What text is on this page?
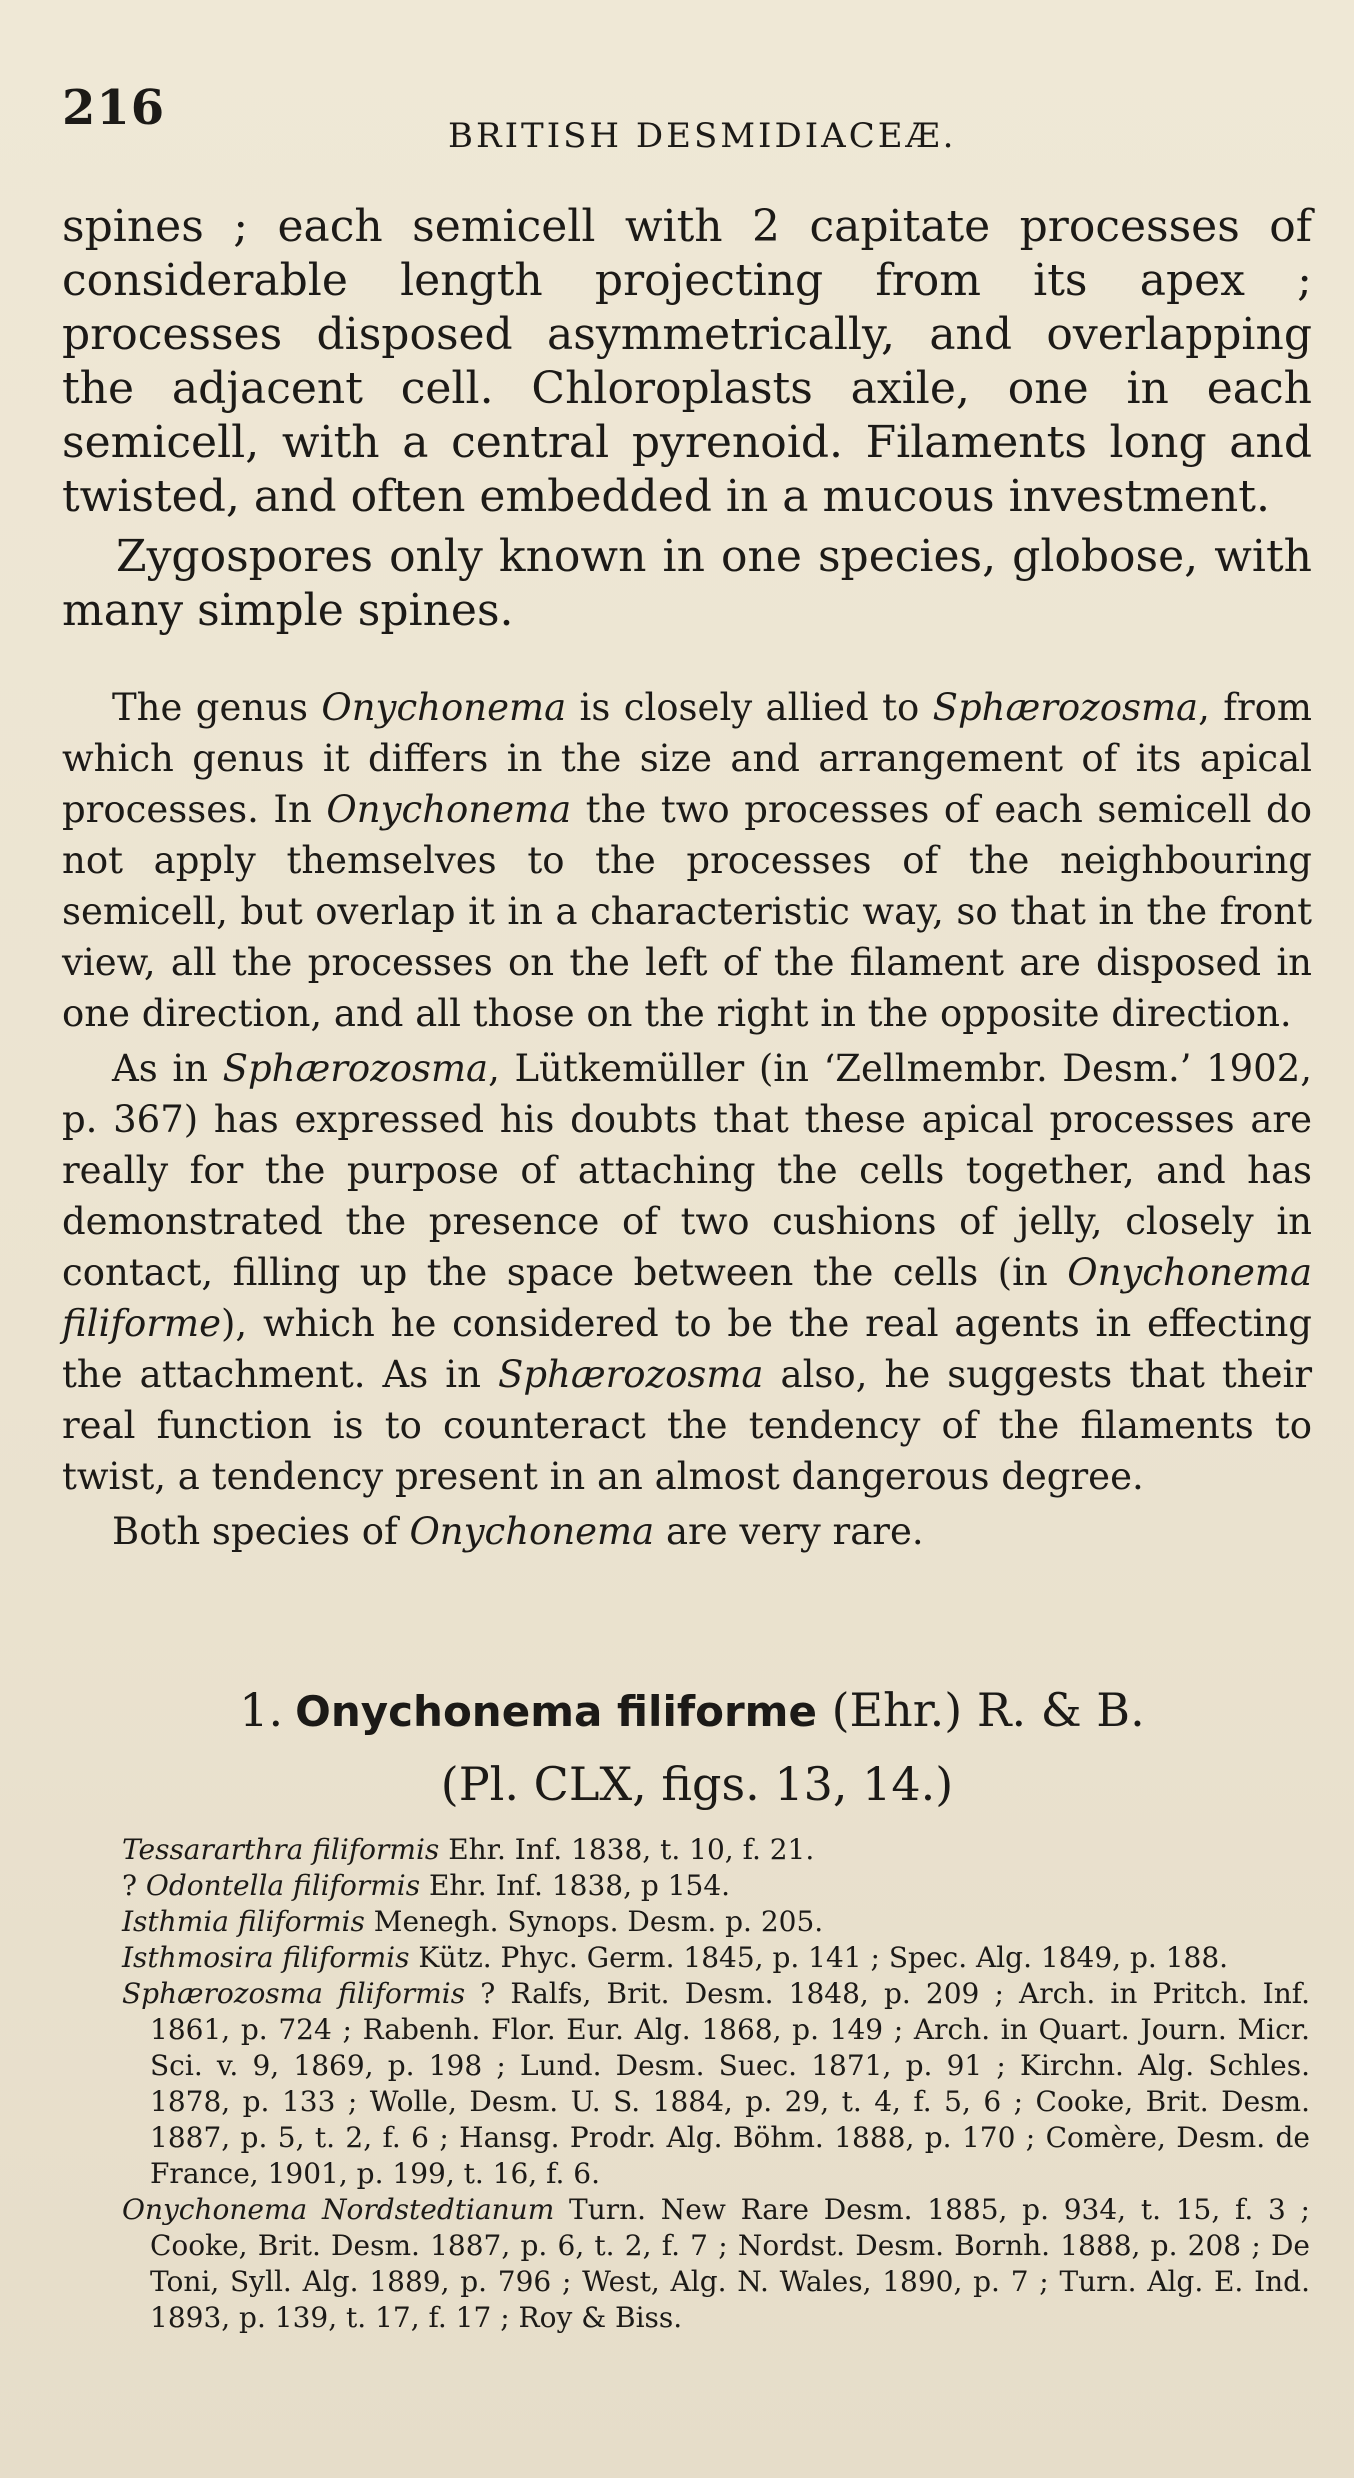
216	BRITISH DESMIDIACEÆ.

spines ; each semicell with 2 capitate processes of considerable length projecting from its apex ; processes disposed asymmetrically, and overlapping the adjacent cell. Chloroplasts axile, one in each semicell, with a central pyrenoid. Filaments long and twisted, and often embedded in a mucous investment.

Zygospores only known in one species, globose, with many simple spines.

The genus Onychonema is closely allied to Sphærozosma, from which genus it differs in the size and arrangement of its apical processes. In Onychonema the two processes of each semicell do not apply themselves to the processes of the neighbouring semicell, but overlap it in a characteristic way, so that in the front view, all the processes on the left of the filament are disposed in one direction, and all those on the right in the opposite direction.

As in Sphærozosma, Lütkemüller (in ‘Zellmembr. Desm.’ 1902, p. 367) has expressed his doubts that these apical processes are really for the purpose of attaching the cells together, and has demonstrated the presence of two cushions of jelly, closely in contact, filling up the space between the cells (in Onychonema filiforme), which he considered to be the real agents in effecting the attachment. As in Sphærozosma also, he suggests that their real function is to counteract the tendency of the filaments to twist, a tendency present in an almost dangerous degree.

Both species of Onychonema are very rare.

1. Onychonema filiforme (Ehr.) R. & B.
(Pl. CLX, figs. 13, 14.)

Tessararthra filiformis Ehr. Inf. 1838, t. 10, f. 21.

? Odontella filiformis Ehr. Inf. 1838, p 154.

Isthmia filiformis Menegh. Synops. Desm. p. 205.

Isthmosira filiformis Kütz. Phyc. Germ. 1845, p. 141 ; Spec. Alg. 1849, p. 188.

Sphærozosma filiformis ? Ralfs, Brit. Desm. 1848, p. 209 ; Arch. in Pritch. Inf. 1861, p. 724 ; Rabenh. Flor. Eur. Alg. 1868, p. 149 ; Arch. in Quart. Journ. Micr. Sci. v. 9, 1869, p. 198 ; Lund. Desm. Suec. 1871, p. 91 ; Kirchn. Alg. Schles. 1878, p. 133 ; Wolle, Desm. U. S. 1884, p. 29, t. 4, f. 5, 6 ; Cooke, Brit. Desm. 1887, p. 5, t. 2, f. 6 ; Hansg. Prodr. Alg. Böhm. 1888, p. 170 ; Comère, Desm. de France, 1901, p. 199, t. 16, f. 6.

Onychonema Nordstedtianum Turn. New Rare Desm. 1885, p. 934, t. 15, f. 3 ; Cooke, Brit. Desm. 1887, p. 6, t. 2, f. 7 ; Nordst. Desm. Bornh. 1888, p. 208 ; De Toni, Syll. Alg. 1889, p. 796 ; West, Alg. N. Wales, 1890, p. 7 ; Turn. Alg. E. Ind. 1893, p. 139, t. 17, f. 17 ; Roy & Biss.
